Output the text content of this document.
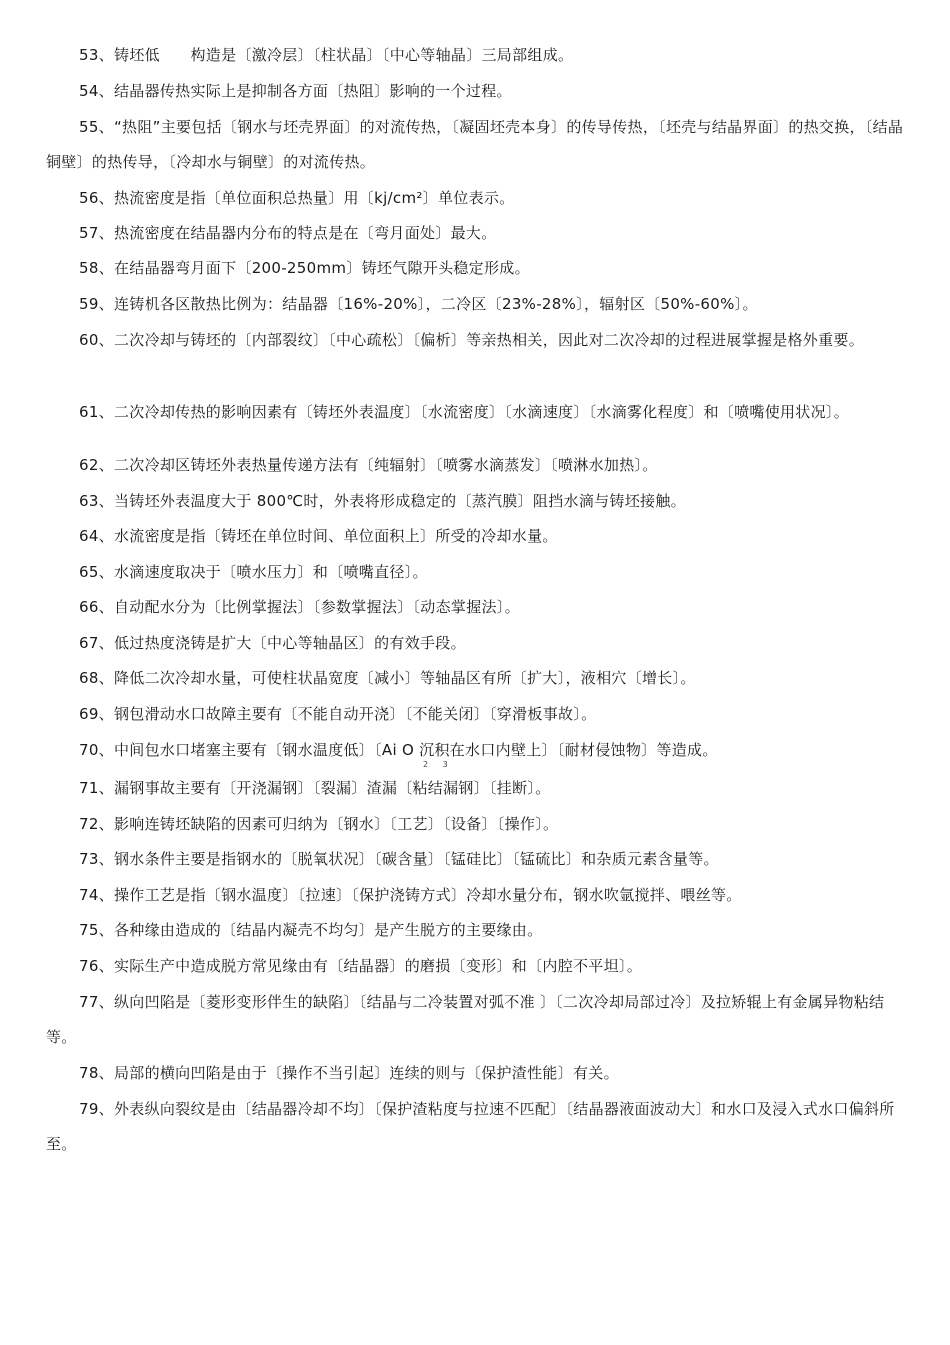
53、铸坯低　　构造是〔激冷层〕〔柱状晶〕〔中心等轴晶〕三局部组成。

54、结晶器传热实际上是抑制各方面〔热阻〕影响的一个过程。

55、“热阻”主要包括〔钢水与坯壳界面〕的对流传热，〔凝固坯壳本身〕的传导传热，〔坯壳与结晶界面〕的热交换，〔结晶铜壁〕的热传导，〔冷却水与铜壁〕的对流传热。

56、热流密度是指〔单位面积总热量〕用〔kj/cm²〕单位表示。

57、热流密度在结晶器内分布的特点是在〔弯月面处〕最大。

58、在结晶器弯月面下〔200-250mm〕铸坯气隙开头稳定形成。

59、连铸机各区散热比例为：结晶器〔16%-20%〕，二冷区〔23%-28%〕，辐射区〔50%-60%〕。

60、二次冷却与铸坯的〔内部裂纹〕〔中心疏松〕〔偏析〕等亲热相关，因此对二次冷却的过程进展掌握是格外重要。

61、二次冷却传热的影响因素有〔铸坯外表温度〕〔水流密度〕〔水滴速度〕〔水滴雾化程度〕和〔喷嘴使用状况〕。

62、二次冷却区铸坯外表热量传递方法有〔纯辐射〕〔喷雾水滴蒸发〕〔喷淋水加热〕。

63、当铸坯外表温度大于 800℃时，外表将形成稳定的〔蒸汽膜〕阻挡水滴与铸坯接触。

64、水流密度是指〔铸坯在单位时间、单位面积上〕所受的冷却水量。

65、水滴速度取决于〔喷水压力〕和〔喷嘴直径〕。

66、自动配水分为〔比例掌握法〕〔参数掌握法〕〔动态掌握法〕。

67、低过热度浇铸是扩大〔中心等轴晶区〕的有效手段。

68、降低二次冷却水量，可使柱状晶宽度〔减小〕等轴晶区有所〔扩大〕，液相穴〔增长〕。

69、钢包滑动水口故障主要有〔不能自动开浇〕〔不能关闭〕〔穿滑板事故〕。

70、中间包水口堵塞主要有〔钢水温度低〕〔Ai O 沉积在水口内壁上〕〔耐材侵蚀物〕等造成。

2 3

71、漏钢事故主要有〔开浇漏钢〕〔裂漏〕渣漏〔粘结漏钢〕〔挂断〕。

72、影响连铸坯缺陷的因素可归纳为〔钢水〕〔工艺〕〔设备〕〔操作〕。

73、钢水条件主要是指钢水的〔脱氧状况〕〔碳含量〕〔锰硅比〕〔锰硫比〕和杂质元素含量等。

74、操作工艺是指〔钢水温度〕〔拉速〕〔保护浇铸方式〕冷却水量分布，钢水吹氩搅拌、喂丝等。

75、各种缘由造成的〔结晶内凝壳不均匀〕是产生脱方的主要缘由。

76、实际生产中造成脱方常见缘由有〔结晶器〕的磨损〔变形〕和〔内腔不平坦〕。

77、纵向凹陷是〔菱形变形伴生的缺陷〕〔结晶与二冷装置对弧不准 〕〔二次冷却局部过冷〕及拉矫辊上有金属异物粘结等。

78、局部的横向凹陷是由于〔操作不当引起〕连续的则与〔保护渣性能〕有关。

79、外表纵向裂纹是由〔结晶器冷却不均〕〔保护渣粘度与拉速不匹配〕〔结晶器液面波动大〕和水口及浸入式水口偏斜所至。
